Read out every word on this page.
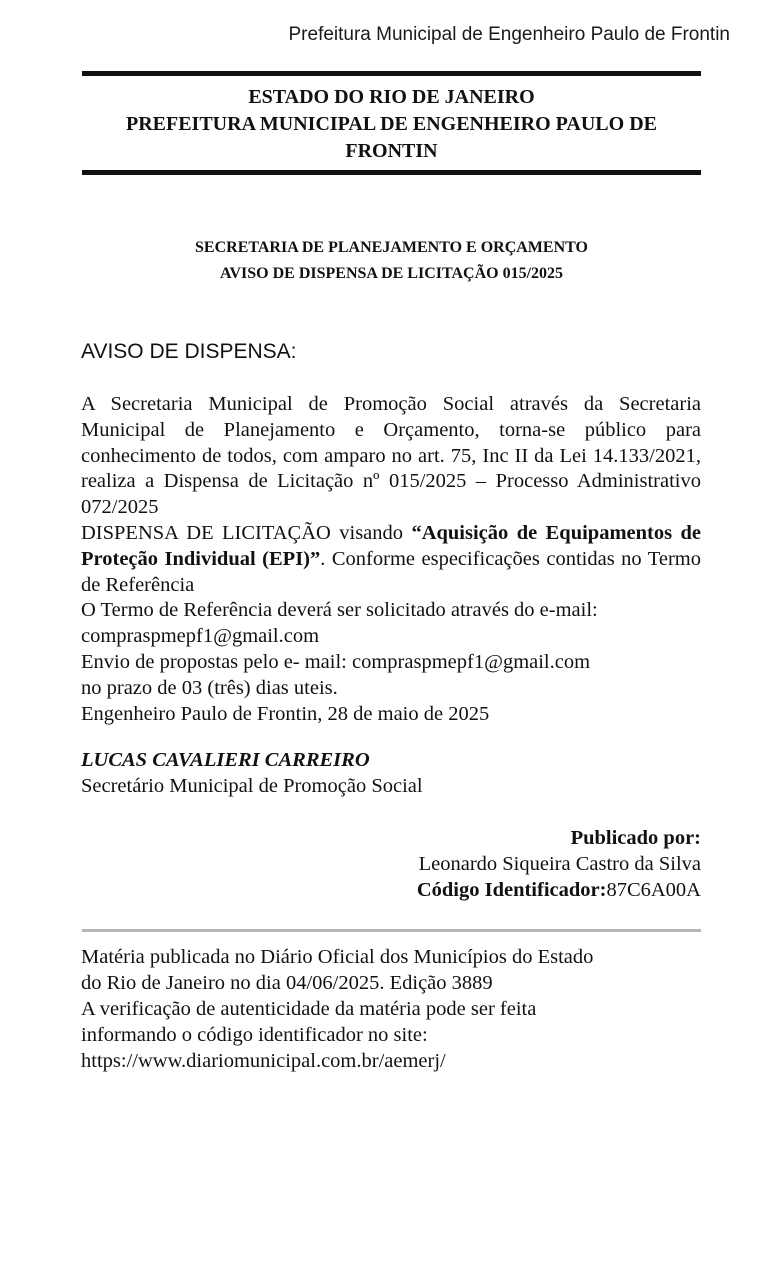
Prefeitura Municipal de Engenheiro Paulo de Frontin
ESTADO DO RIO DE JANEIRO
PREFEITURA MUNICIPAL DE ENGENHEIRO PAULO DE
FRONTIN
SECRETARIA DE PLANEJAMENTO E ORÇAMENTO
AVISO DE DISPENSA DE LICITAÇÃO 015/2025
AVISO DE DISPENSA:
A Secretaria Municipal de Promoção Social através da Secretaria Municipal de Planejamento e Orçamento, torna-se público para conhecimento de todos, com amparo no art. 75, Inc II da Lei 14.133/2021, realiza a Dispensa de Licitação nº 015/2025 – Processo Administrativo 072/2025
DISPENSA DE LICITAÇÃO visando “Aquisição de Equipamentos de Proteção Individual (EPI)”. Conforme especificações contidas no Termo de Referência
O Termo de Referência deverá ser solicitado através do e-mail:
compraspmepf1@gmail.com
Envio de propostas pelo e- mail: compraspmepf1@gmail.com
no prazo de 03 (três) dias uteis.
Engenheiro Paulo de Frontin, 28 de maio de 2025
LUCAS CAVALIERI CARREIRO
Secretário Municipal de Promoção Social
Publicado por:
Leonardo Siqueira Castro da Silva
Código Identificador:87C6A00A
Matéria publicada no Diário Oficial dos Municípios do Estado
do Rio de Janeiro no dia 04/06/2025. Edição 3889
A verificação de autenticidade da matéria pode ser feita
informando o código identificador no site:
https://www.diariomunicipal.com.br/aemerj/
